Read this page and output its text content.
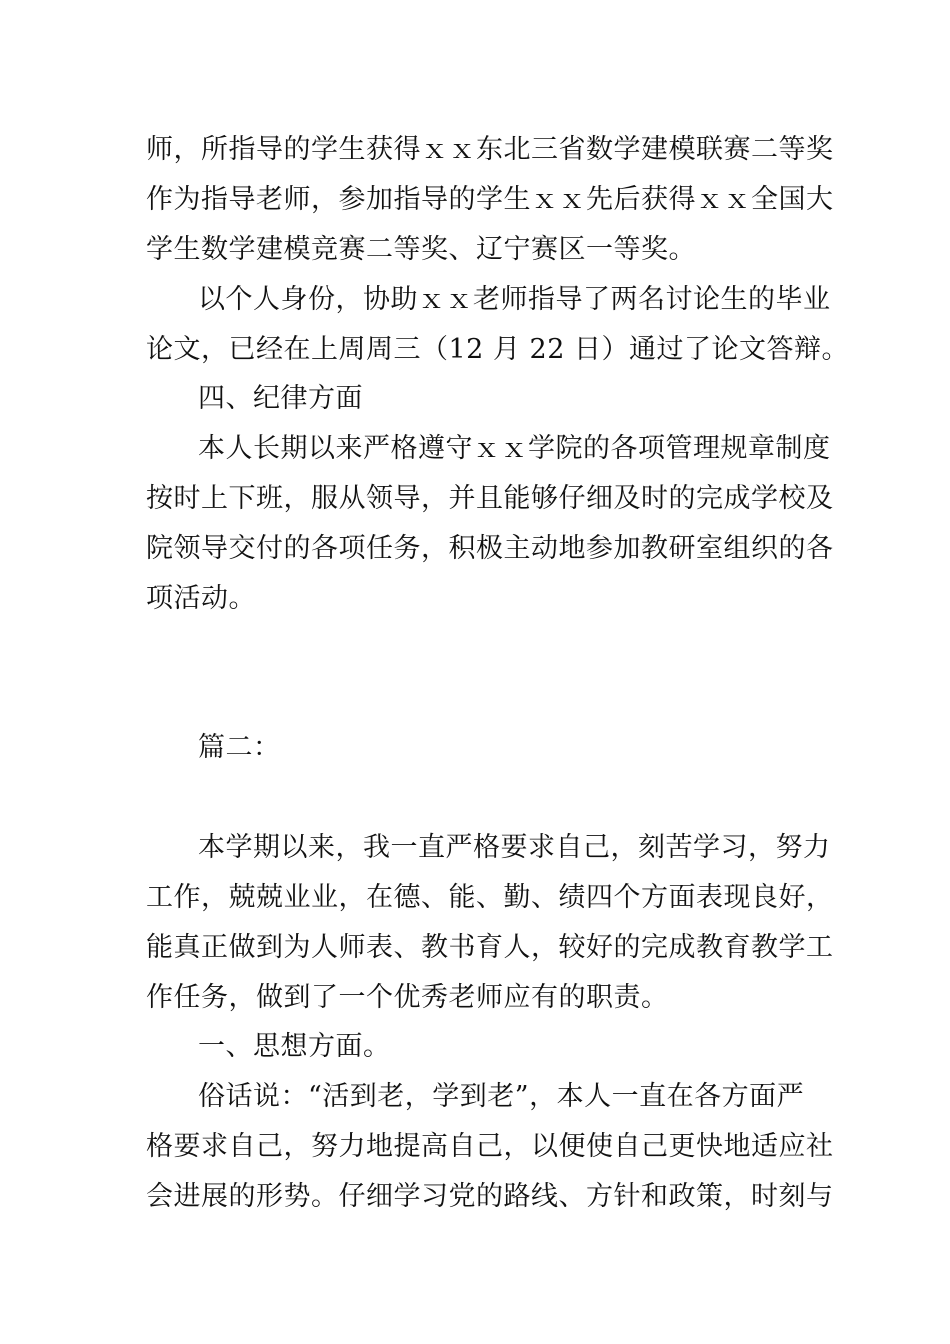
师，所指导的学生获得ｘｘ东北三省数学建模联赛二等奖
作为指导老师，参加指导的学生ｘｘ先后获得ｘｘ全国大
学生数学建模竞赛二等奖、辽宁赛区一等奖。
以个人身份，协助ｘｘ老师指导了两名讨论生的毕业
论文，已经在上周周三（12 月 22 日）通过了论文答辩。
四、纪律方面
本人长期以来严格遵守ｘｘ学院的各项管理规章制度
按时上下班，服从领导，并且能够仔细及时的完成学校及
院领导交付的各项任务，积极主动地参加教研室组织的各
项活动。
篇二：
本学期以来，我一直严格要求自己，刻苦学习，努力
工作，兢兢业业，在德、能、勤、绩四个方面表现良好，
能真正做到为人师表、教书育人，较好的完成教育教学工
作任务，做到了一个优秀老师应有的职责。
一、思想方面。
俗话说：“活到老，学到老”，本人一直在各方面严
格要求自己，努力地提高自己，以便使自己更快地适应社
会进展的形势。仔细学习党的路线、方针和政策，时刻与
